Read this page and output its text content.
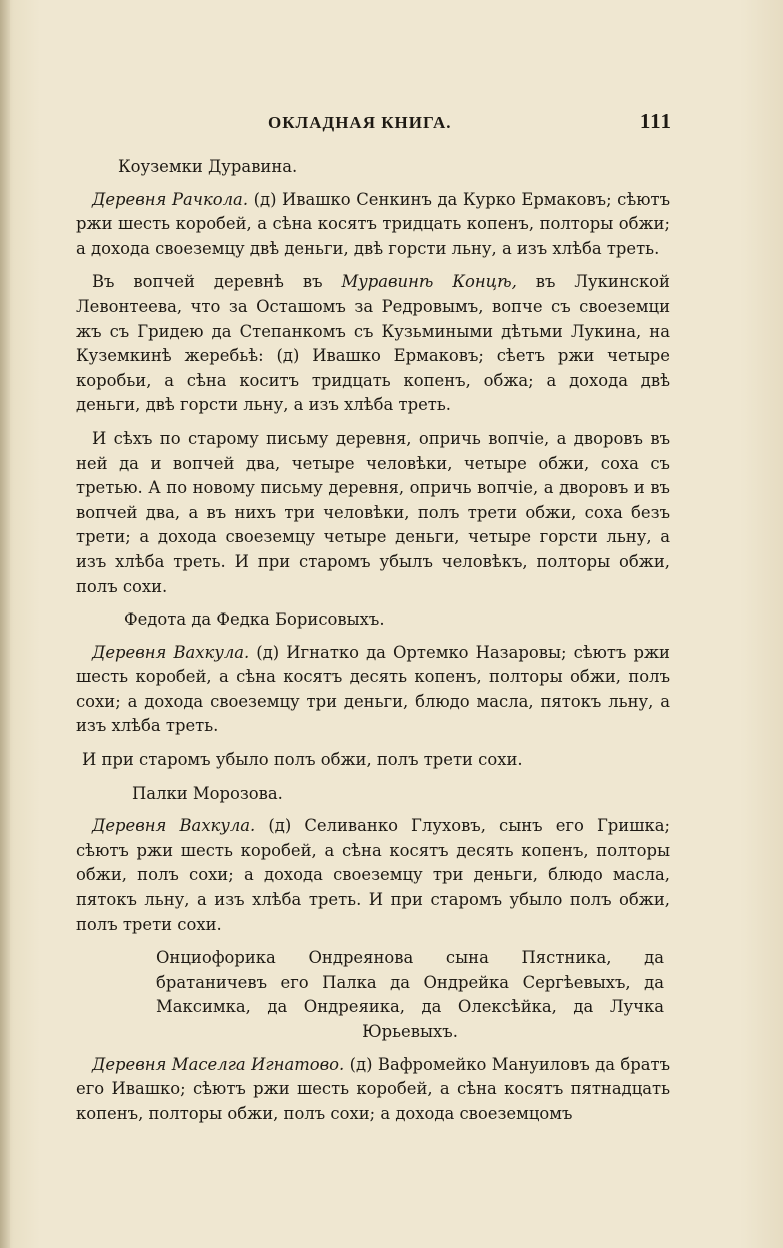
ОКЛАДНАЯ КНИГА.	111
Коуземки Дуравина.

Деревня Рачкола. (д) Ивашко Сенкинъ да Курко Ермаковъ; сѣютъ ржи шесть коробей, а сѣна косятъ тридцать копенъ, полторы обжи; а дохода своеземцу двѣ деньги, двѣ горсти льну, а изъ хлѣба треть.

Въ вопчей деревнѣ въ Муравинѣ Концѣ, въ Лукинской Левонтеева, что за Осташомъ за Редровымъ, вопче съ своеземци жъ съ Гридею да Степанкомъ съ Кузьмиными дѣтьми Лукина, на Куземкинѣ жеребьѣ: (д) Ивашко Ермаковъ; сѣетъ ржи четыре коробьи, а сѣна коситъ тридцать копенъ, обжа; а дохода двѣ деньги, двѣ горсти льну, а изъ хлѣба треть.

И сѣхъ по старому письму деревня, опричь вопчіе, а дворовъ въ ней да и вопчей два, четыре человѣки, четыре обжи, соха съ третью. А по новому письму деревня, опричь вопчіе, а дворовъ и въ вопчей два, а въ нихъ три человѣки, полъ трети обжи, соха безъ трети; а дохода своеземцу четыре деньги, четыре горсти льну, а изъ хлѣба треть. И при старомъ убылъ человѣкъ, полторы обжи, полъ сохи.

Федота да Федка Борисовыхъ.

Деревня Вахкула. (д) Игнатко да Ортемко Назаровы; сѣютъ ржи шесть коробей, а сѣна косятъ десять копенъ, полторы обжи, полъ сохи; а дохода своеземцу три деньги, блюдо масла, пятокъ льну, а изъ хлѣба треть.

И при старомъ убыло полъ обжи, полъ трети сохи.

Палки Морозова.

Деревня Вахкула. (д) Селиванко Глуховъ, сынъ его Гришка; сѣютъ ржи шесть коробей, а сѣна косятъ десять копенъ, полторы обжи, полъ сохи; а дохода своеземцу три деньги, блюдо масла, пятокъ льну, а изъ хлѣба треть. И при старомъ убыло полъ обжи, полъ трети сохи.

Онциофорика Ондреянова сына Пястника, да братаничевъ его Палка да Ондрейка Сергѣевыхъ, да Максимка, да Ондреяика, да Олексѣйка, да Лучка Юрьевыхъ.

Деревня Маселга Игнатово. (д) Вафромейко Мануиловъ да братъ его Ивашко; сѣютъ ржи шесть коробей, а сѣна косятъ пятнадцать копенъ, полторы обжи, полъ сохи; а дохода своеземцомъ
